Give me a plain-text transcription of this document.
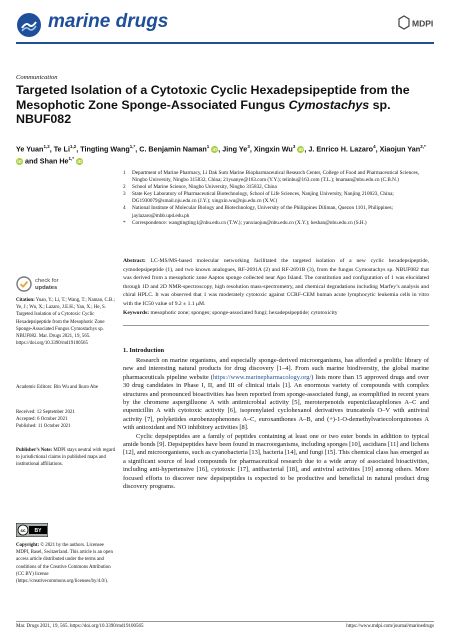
marine drugs	MDPI
Communication
Targeted Isolation of a Cytotoxic Cyclic Hexadepsipeptide from the Mesophotic Zone Sponge-Associated Fungus Cymostachys sp. NBUF082
Ye Yuan$^{1,2}$, Te Li$^{1,2}$, Tingting Wang$^{1,*}$, C. Benjamin Naman$^1$ iD, Jing Ye$^3$, Xingxin Wu$^3$ iD, J. Enrico H. Lazaro$^4$, Xiaojun Yan$^{2,*}$ iD and Shan $He^{1,*}$ iD
1	Department of Marine Pharmacy, Li Dak Sum Marine Biopharmaceutical Research Center, College of Food and Pharmaceutical Sciences, Ningbo University, Ningbo 315832, China; 21yuanye@163.com (Y.Y.); telinbu@163.com (T.L.); bnaman@nbu.edu.cn (C.B.N.)
2	School of Marine Science, Ningbo University, Ningbo 315832, China
3	State Key Laboratory of Pharmaceutical Biotechnology, School of Life Sciences, Nanjing University, Nanjing 210023, China; DG1930079@smail.nju.edu.cn (J.Y.); xingxin.wu@nju.edu.cn (X.W.)
4	National Institute of Molecular Biology and Biotechnology, University of the Philippines Diliman, Quezon 1101, Philippines; jaylazaro@mbb.upd.edu.ph
*	Correspondence: wangtingting1@nbu.edu.cn (T.W.); yanxiaojun@nbu.edu.cn (X.Y.); heshan@nbu.edu.cn (S.H.)
Abstract: LC-MS/MS-based molecular networking facilitated the targeted isolation of a new cyclic hexadepsipeptide, cymodepsipeptide (1), and two known analogues, RF-2691A (2) and RF-2691B (3), from the fungus Cymostachys sp. NBUF082 that was derived from a mesophotic zone Aaptos sponge collected near Apo Island. The constitution and configuration of 1 was elucidated through 1D and 2D NMR-spectroscopy, high resolution mass-spectrometry, and chemical degradations including Marfey’s analysis and chiral HPLC. It was observed that 1 was moderately cytotoxic against CCRF-CEM human acute lymphocytic leukemia cells in vitro with the IC50 value of 9.2 ± 1.1 μM.
Keywords: mesophotic zone; sponges; sponge-associated fungi; hexadepsipeptide; cytotoxicity
1. Introduction

Research on marine organisms, and especially sponge-derived microorganisms, has afforded a prolific library of new and interesting natural products for drug discovery [1–4]. From such marine biodiversity, the global marine pharmaceuticals pipeline website (https://www.marinepharmacology.org/) lists more than 15 approved drugs and over 30 drug candidates in Phase I, II, and III of clinical trials [1]. An enormous variety of compounds with complex structures and pronounced bioactivities has been reported from sponge-associated fungi, as exemplified in recent years by the chromene aspergilluone A with antimicrobial activity [5], meroterpenoids eupenicilazaphilones A–C and eupenicillin A with cytotoxic activity [6], isoprenylated cyclohexanol derivatives truncateols O–V with antiviral activity [7], polyketides eurobenzophenones A–C, euroxanthones A–B, and (+)-1-O-demethylvariecolorquinones A with antioxidant and NO inhibitory activities [8].

Cyclic depsipeptides are a family of peptides containing at least one or two ester bonds in addition to typical amide bonds [9]. Depsipeptides have been found in macroorganisms, including sponges [10], ascidians [11] and lichens [12], and microorganisms, such as cyanobacteria [13], bacteria [14], and fungi [15]. This chemical class has emerged as a significant source of lead compounds for pharmaceutical research due to a wide array of associated bioactivities, including anti-hypertensive [16], cytotoxic [17], antibacterial [18], and antiviral activities [19] among others. More focused efforts to discover new depsipeptides is expected to be productive and beneficial in natural product drug discovery programs.

check for
updates
Citation: Yuan, Y.; Li, T.; Wang, T.; Naman, C.B.; Ye, J.; Wu, X.; Lazaro, J.E.H.; Yan, X.; He, S. Targeted Isolation of a Cytotoxic Cyclic Hexadepsipeptide from the Mesophotic Zone Sponge-Associated Fungus Cymostachys sp. NBUF082. Mar. Drugs 2021, 19, 565. https://doi.org/10.3390/md19100565
Academic Editors: Bin Wu and Ikuro Abe
Received: 12 September 2021
Accepted: 6 October 2021
Published: 11 October 2021
Publisher’s Note: MDPI stays neutral with regard to jurisdictional claims in published maps and institutional affiliations.
cc BY
Copyright: © 2021 by the authors. Licensee MDPI, Basel, Switzerland. This article is an open access article distributed under the terms and conditions of the Creative Commons Attribution (CC BY) license (https://creativecommons.org/licenses/by/4.0/).
Mar. Drugs 2021, 19, 565. https://doi.org/10.3390/md19100565	https://www.mdpi.com/journal/marinedrugs
